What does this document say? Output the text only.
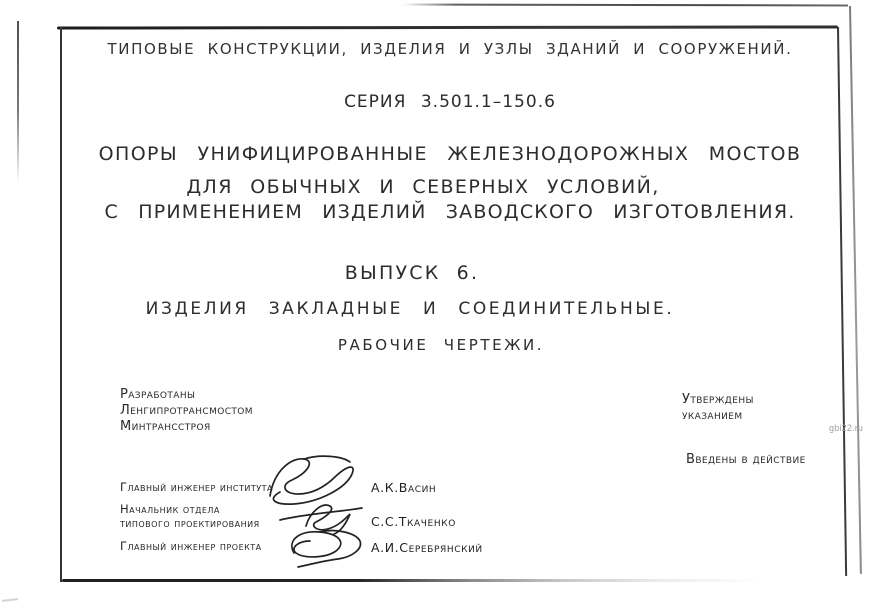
ТИПОВЫЕ КОНСТРУКЦИИ, ИЗДЕЛИЯ И УЗЛЫ ЗДАНИЙ И СООРУЖЕНИЙ.
СЕРИЯ 3.501.1–150.6
ОПОРЫ УНИФИЦИРОВАННЫЕ ЖЕЛЕЗНОДОРОЖНЫХ МОСТОВ
ДЛЯ ОБЫЧНЫХ И СЕВЕРНЫХ УСЛОВИЙ,
С ПРИМЕНЕНИЕМ ИЗДЕЛИЙ ЗАВОДСКОГО ИЗГОТОВЛЕНИЯ.
ВЫПУСК 6.
ИЗДЕЛИЯ ЗАКЛАДНЫЕ И СОЕДИНИТЕЛЬНЫЕ.
РАБОЧИЕ ЧЕРТЕЖИ.
Разработаны
Ленгипротрансмостом
Минтрансстроя
Утверждены
указанием
Введены в действие
Главный инженер института	А.К.Васин
Начальник отдела
типового проектирования	С.С.Ткаченко
Главный инженер проекта	А.И.Серебрянский
gbi22.ru
